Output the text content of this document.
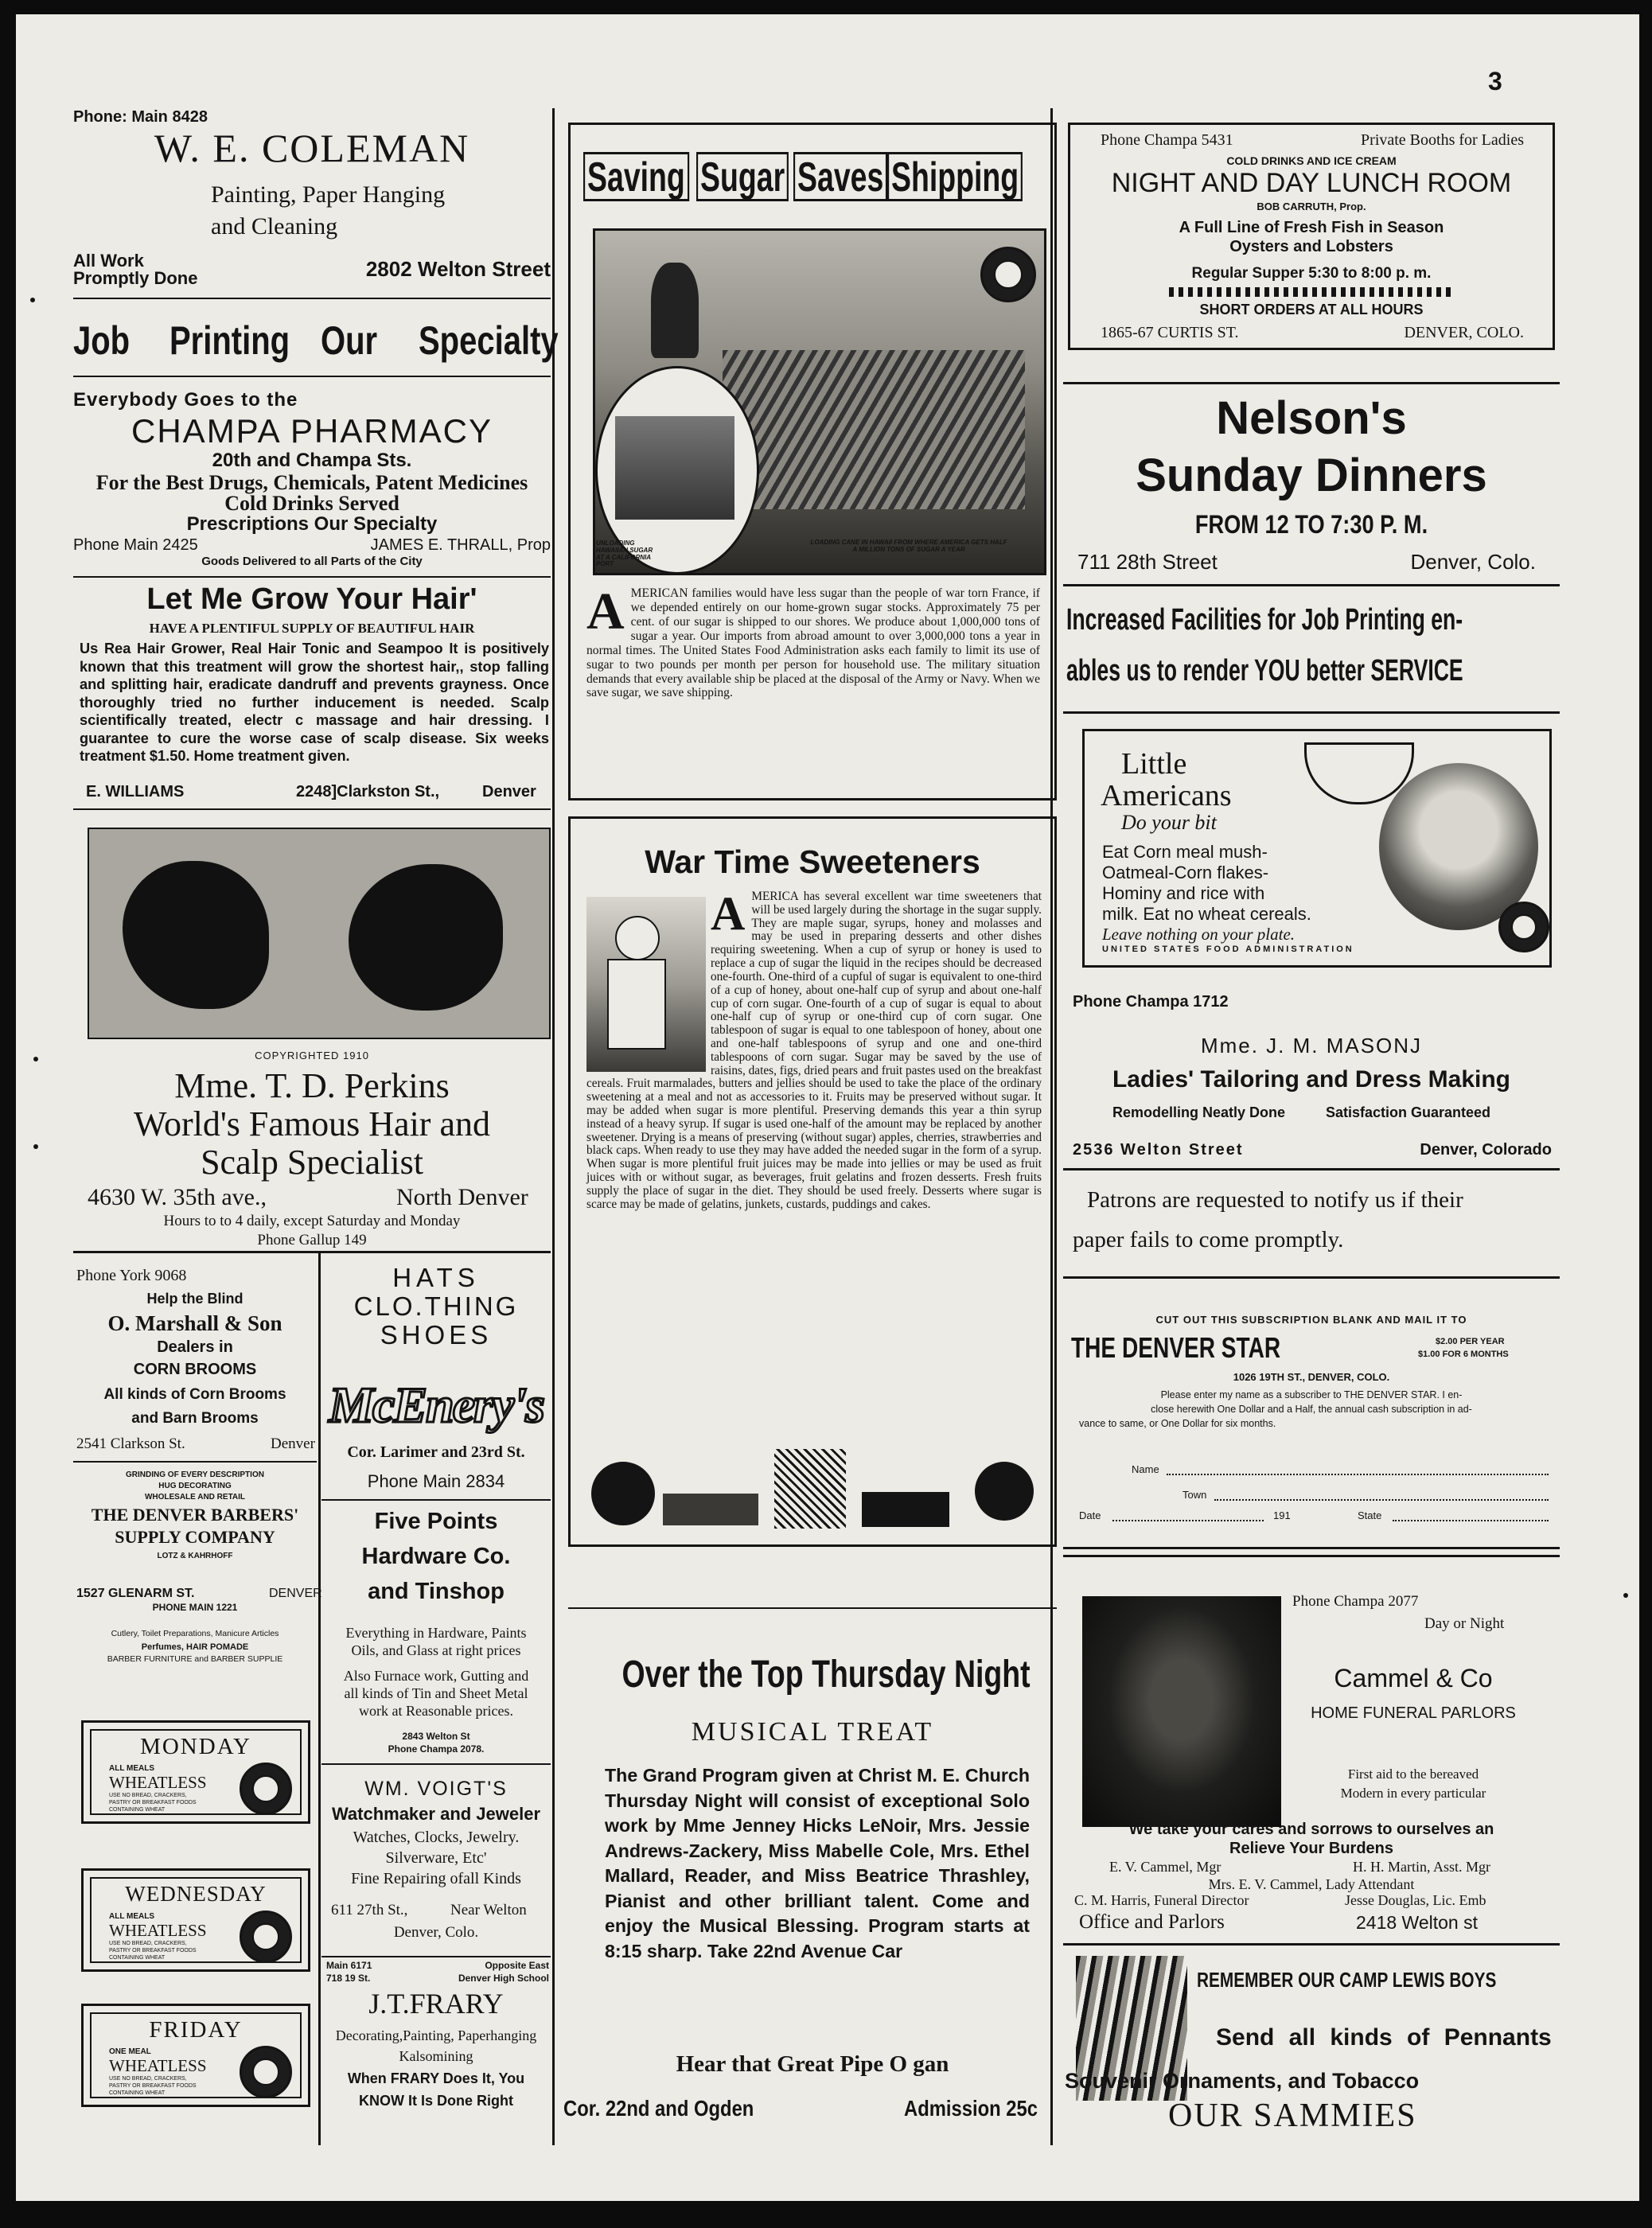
3
Phone: Main 8428
W. E. COLEMAN
Painting, Paper Hanging
and Cleaning
All Work
Promptly Done	2802 Welton Street
Job Printing Our Specialty
Everybody Goes to the
CHAMPA PHARMACY
20th and Champa Sts.
For the Best Drugs, Chemicals, Patent Medicines
Cold Drinks Served
Prescriptions Our Specialty
Phone Main 2425	JAMES E. THRALL, Prop
Goods Delivered to all Parts of the City
Let Me Grow Your Hair'
HAVE A PLENTIFUL SUPPLY OF BEAUTIFUL HAIR
Us Rea Hair Grower, Real Hair Tonic and Seampoo It is positively known that this treatment will grow the shortest hair,, stop falling and splitting hair, eradicate dandruff and prevents grayness. Once thoroughly tried no further inducement is needed. Scalp scientifically treated, electr c massage and hair dressing. I guarantee to cure the worse case of scalp disease. Six weeks treatment $1.50. Home treatment given.
E. WILLIAMS	2248]Clarkston St.,	Denver
COPYRIGHTED 1910
Mme. T. D. Perkins
World's Famous Hair and
Scalp Specialist
4630 W. 35th ave.,	North Denver
Hours to to 4 daily, except Saturday and Monday
Phone Gallup 149
Phone York 9068
Help the Blind
O. Marshall & Son
Dealers in
CORN BROOMS
All kinds of Corn Brooms
and Barn Brooms
2541 Clarkson St.	Denver
GRINDING OF EVERY DESCRIPTION
HUG DECORATING
WHOLESALE AND RETAIL
THE DENVER BARBERS'
SUPPLY COMPANY
LOTZ & KAHRHOFF
1527 GLENARM ST.	DENVER
PHONE MAIN 1221
Cutlery, Toilet Preparations, Manicure Articles
Perfumes, HAIR POMADE
BARBER FURNITURE and BARBER SUPPLIE
MONDAY
ALL MEALS
WHEATLESS
USE NO BREAD, CRACKERS,
PASTRY OR BREAKFAST FOODS
CONTAINING WHEAT
WEDNESDAY
ALL MEALS
WHEATLESS
USE NO BREAD, CRACKERS,
PASTRY OR BREAKFAST FOODS
CONTAINING WHEAT
FRIDAY
ONE MEAL
WHEATLESS
USE NO BREAD, CRACKERS,
PASTRY OR BREAKFAST FOODS
CONTAINING WHEAT
HATS
CLO.THING
SHOES
McEnery's
Cor. Larimer and 23rd St.
Phone Main 2834
Five Points
Hardware Co.
and Tinshop
Everything in Hardware, Paints
Oils, and Glass at right prices
Also Furnace work, Gutting and
all kinds of Tin and Sheet Metal
work at Reasonable prices.
2843 Welton St
Phone Champa 2078.
WM. VOIGT'S
Watchmaker and Jeweler
Watches, Clocks, Jewelry.
Silverware, Etc'
Fine Repairing ofall Kinds
611 27th St.,	Near Welton
Denver, Colo.
Main 6171
718 19 St.
Opposite East
Denver High School
J.T.FRARY
Decorating,Painting, Paperhanging
Kalsomining
When FRARY Does It, You
KNOW It Is Done Right
Saving Sugar Saves Shipping
UNLOADING HAWAIIAN SUGAR AT A CALIFORNIA PORT
LOADING CANE IN HAWAII FROM WHERE AMERICA GETS HALF A MILLION TONS OF SUGAR A YEAR
AMERICAN families would have less sugar than the people of war torn France, if we depended entirely on our home-grown sugar stocks. Approximately 75 per cent. of our sugar is shipped to our shores. We produce about 1,000,000 tons of sugar a year. Our imports from abroad amount to over 3,000,000 tons a year in normal times. The United States Food Administration asks each family to limit its use of sugar to two pounds per month per person for household use. The military situation demands that every available ship be placed at the disposal of the Army or Navy. When we save sugar, we save shipping.
War Time Sweeteners
AMERICA has several excellent war time sweeteners that will be used largely during the shortage in the sugar supply. They are maple sugar, syrups, honey and molasses and may be used in preparing desserts and other dishes requiring sweetening. When a cup of syrup or honey is used to replace a cup of sugar the liquid in the recipes should be decreased one-fourth. One-third of a cupful of sugar is equivalent to one-third of a cup of honey, about one-half cup of syrup and about one-half cup of corn sugar. One-fourth of a cup of sugar is equal to about one-half cup of syrup or one-third cup of corn sugar. One tablespoon of sugar is equal to one tablespoon of honey, about one and one-half tablespoons of syrup and one and one-third tablespoons of corn sugar. Sugar may be saved by the use of raisins, dates, figs, dried pears and fruit pastes used on the breakfast cereals. Fruit marmalades, butters and jellies should be used to take the place of the ordinary sweetening at a meal and not as accessories to it. Fruits may be preserved without sugar. It may be added when sugar is more plentiful. Preserving demands this year a thin syrup instead of a heavy syrup. If sugar is used one-half of the amount may be replaced by another sweetener. Drying is a means of preserving (without sugar) apples, cherries, strawberries and black caps. When ready to use they may have added the needed sugar in the form of a syrup. When sugar is more plentiful fruit juices may be made into jellies or may be used as fruit juices with or without sugar, as beverages, fruit gelatins and frozen desserts. Fresh fruits supply the place of sugar in the diet. They should be used freely. Desserts where sugar is scarce may be made of gelatins, junkets, custards, puddings and cakes.
Over the Top Thursday Night
MUSICAL TREAT
The Grand Program given at Christ M. E. Church Thursday Night will consist of exceptional Solo work by Mme Jenney Hicks LeNoir, Mrs. Jessie Andrews-Zackery, Miss Mabelle Cole, Mrs. Ethel Mallard, Reader, and Miss Beatrice Thrashley, Pianist and other brilliant talent. Come and enjoy the Musical Blessing. Program starts at 8:15 sharp. Take 22nd Avenue Car
Hear that Great Pipe O gan
Cor. 22nd and Ogden	Admission 25c
Phone Champa 5431	Private Booths for Ladies
COLD DRINKS AND ICE CREAM
NIGHT AND DAY LUNCH ROOM
BOB CARRUTH, Prop.
A Full Line of Fresh Fish in Season
Oysters and Lobsters
Regular Supper 5:30 to 8:00 p. m.
SHORT ORDERS AT ALL HOURS
1865-67 CURTIS ST.	DENVER, COLO.
Nelson's
Sunday Dinners
FROM 12 TO 7:30 P. M.
711 28th Street	Denver, Colo.
Increased Facilities for Job Printing en-
ables us to render YOU better SERVICE
Little
Americans
Do your bit
Eat Corn meal mush-
Oatmeal-Corn flakes-
Hominy and rice with
milk. Eat no wheat cereals.
Leave nothing on your plate.
UNITED STATES FOOD ADMINISTRATION
Phone Champa 1712
Mme. J. M. MASONJ
Ladies' Tailoring and Dress Making
Remodelling Neatly Done	Satisfaction Guaranteed
2536 Welton Street	Denver, Colorado
Patrons are requested to notify us if their
paper fails to come promptly.
CUT OUT THIS SUBSCRIPTION BLANK AND MAIL IT TO
THE DENVER STAR	$2.00 PER YEAR
$1.00 FOR 6 MONTHS
1026 19TH ST., DENVER, COLO.
Please enter my name as a subscriber to THE DENVER STAR. I en-
close herewith One Dollar and a Half, the annual cash subscription in ad-
vance to same, or One Dollar for six months.
Name
Town
Date	191	State
Phone Champa 2077
Day or Night
Cammel & Co
HOME FUNERAL PARLORS
First aid to the bereaved
Modern in every particular
We take your cares and sorrows to ourselves an
Relieve Your Burdens
E. V. Cammel, Mgr	H. H. Martin, Asst. Mgr
Mrs. E. V. Cammel, Lady Attendant
C. M. Harris, Funeral Director	Jesse Douglas, Lic. Emb
Office and Parlors	2418 Welton st
REMEMBER OUR CAMP LEWIS BOYS
Send all kinds of Pennants
Souvenir Ornaments, and Tobacco
OUR SAMMIES
